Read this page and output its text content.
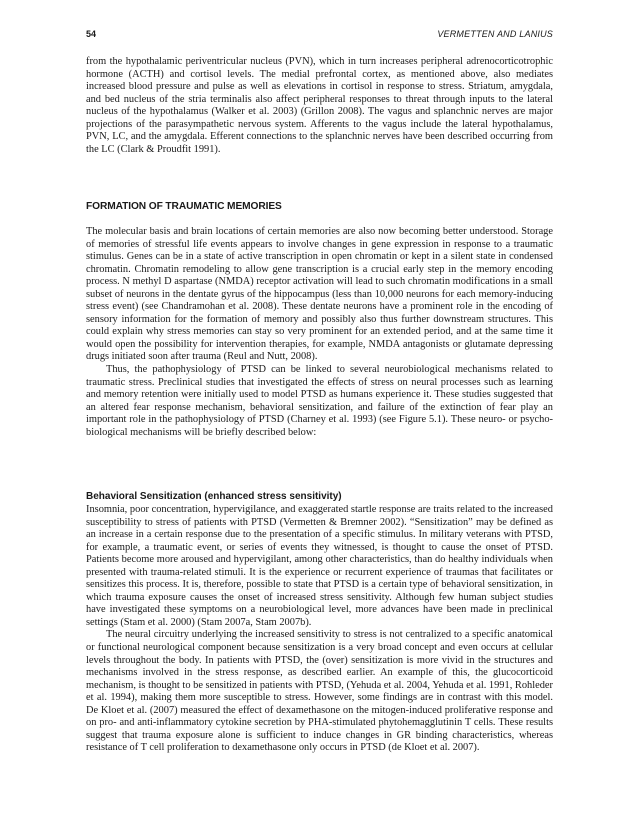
54	VERMETTEN AND LANIUS

from the hypothalamic periventricular nucleus (PVN), which in turn increases peripheral adrenocorticotrophic hormone (ACTH) and cortisol levels. The medial prefrontal cortex, as mentioned above, also mediates increased blood pressure and pulse as well as elevations in cortisol in response to stress. Striatum, amygdala, and bed nucleus of the stria terminalis also affect peripheral responses to threat through inputs to the lateral nucleus of the hypothalamus (Walker et al. 2003) (Grillon 2008). The vagus and splanchnic nerves are major projections of the parasympathetic nervous system. Afferents to the vagus include the lateral hypothalamus, PVN, LC, and the amygdala. Efferent connections to the splanchnic nerves have been described occurring from the LC (Clark & Proudfit 1991).

FORMATION OF TRAUMATIC MEMORIES

The molecular basis and brain locations of certain memories are also now becoming better understood. Storage of memories of stressful life events appears to involve changes in gene expression in response to a traumatic stimulus. Genes can be in a state of active transcription in open chromatin or kept in a silent state in condensed chromatin. Chromatin remodeling to allow gene transcription is a crucial early step in the memory encoding process. N methyl D aspartase (NMDA) receptor activation will lead to such chromatin modifications in a small subset of neurons in the dentate gyrus of the hippocampus (less than 10,000 neurons for each memory-inducing stress event) (see Chandramohan et al. 2008). These dentate neurons have a prominent role in the encoding of sensory information for the formation of memory and possibly also thus further downstream structures. This could explain why stress memories can stay so very prominent for an extended period, and at the same time it would open the possibility for intervention therapies, for example, NMDA antagonists or glutamate depressing drugs initiated soon after trauma (Reul and Nutt, 2008).

Thus, the pathophysiology of PTSD can be linked to several neurobiological mechanisms related to traumatic stress. Preclinical studies that investigated the effects of stress on neural processes such as learning and memory retention were initially used to model PTSD as humans experience it. These studies suggested that an altered fear response mechanism, behavioral sensitization, and failure of the extinction of fear play an important role in the pathophysiology of PTSD (Charney et al. 1993) (see Figure 5.1). These neuro- or psycho-biological mechanisms will be briefly described below:

Behavioral Sensitization (enhanced stress sensitivity)

Insomnia, poor concentration, hypervigilance, and exaggerated startle response are traits related to the increased susceptibility to stress of patients with PTSD (Vermetten & Bremner 2002). “Sensitization” may be defined as an increase in a certain response due to the presentation of a specific stimulus. In military veterans with PTSD, for example, a traumatic event, or series of events they witnessed, is thought to cause the onset of PTSD. Patients become more aroused and hypervigilant, among other characteristics, than do healthy individuals when presented with trauma-related stimuli. It is the experience or recurrent experience of traumas that facilitates or sensitizes this process. It is, therefore, possible to state that PTSD is a certain type of behavioral sensitization, in which trauma exposure causes the onset of increased stress sensitivity. Although few human subject studies have investigated these symptoms on a neurobiological level, more advances have been made in preclinical settings (Stam et al. 2000) (Stam 2007a, Stam 2007b).

The neural circuitry underlying the increased sensitivity to stress is not centralized to a specific anatomical or functional neurological component because sensitization is a very broad concept and even occurs at cellular levels throughout the body. In patients with PTSD, the (over) sensitization is more vivid in the structures and mechanisms involved in the stress response, as described earlier. An example of this, the glucocorticoid mechanism, is thought to be sensitized in patients with PTSD, (Yehuda et al. 2004, Yehuda et al. 1991, Rohleder et al. 1994), making them more susceptible to stress. However, some findings are in contrast with this model. De Kloet et al. (2007) measured the effect of dexamethasone on the mitogen-induced proliferative response and on pro- and anti-inflammatory cytokine secretion by PHA-stimulated phytohemagglutinin T cells. These results suggest that trauma exposure alone is sufficient to induce changes in GR binding characteristics, whereas resistance of T cell proliferation to dexamethasone only occurs in PTSD (de Kloet et al. 2007).
